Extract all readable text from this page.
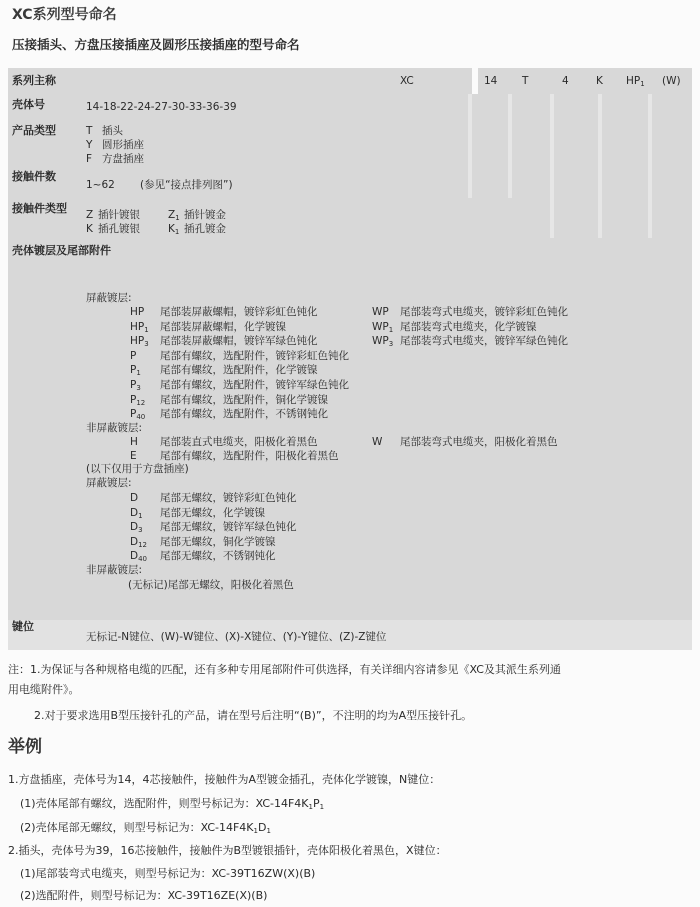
XC系列型号命名
压接插头、方盘压接插座及圆形压接插座的型号命名
系列主称	XC	14 T	4	K $HP_1$ (W)
壳体号	14-18-22-24-27-30-33-36-39
产品类型	T 插头
Y 圆形插座
F 方盘插座
接触件数
1~62 (参见“接点排列图”)
接触件类型 Z 插针镀银	$Z_1$ 插针镀金
K 插孔镀银	$K_1$ 插孔镀金
壳体镀层及尾部附件
屏蔽镀层:
HP 尾部装屏蔽螺帽，镀锌彩虹色钝化	WP 尾部装弯式电缆夹，镀锌彩虹色钝化
$HP_1$ 尾部装屏蔽螺帽，化学镀镍	$WP_1$ 尾部装弯式电缆夹，化学镀镍
$HP_3$ 尾部装屏蔽螺帽，镀锌军绿色钝化	$WP_3$ 尾部装弯式电缆夹，镀锌军绿色钝化
P 尾部有螺纹，选配附件，镀锌彩虹色钝化
$P_1$ 尾部有螺纹，选配附件，化学镀镍
$P_3$ 尾部有螺纹，选配附件，镀锌军绿色钝化
$P_{12}$ 尾部有螺纹，选配附件，铜化学镀镍
$P_{40}$ 尾部有螺纹，选配附件，不锈钢钝化
非屏蔽镀层:
H 尾部装直式电缆夹，阳极化着黑色	W 尾部装弯式电缆夹，阳极化着黑色
E 尾部有螺纹，选配附件，阳极化着黑色
(以下仅用于方盘插座)
屏蔽镀层:
D 尾部无螺纹，镀锌彩虹色钝化
$D_1$ 尾部无螺纹，化学镀镍
$D_3$ 尾部无螺纹，镀锌军绿色钝化
$D_{12}$ 尾部无螺纹，铜化学镀镍
$D_{40}$ 尾部无螺纹，不锈钢钝化
非屏蔽镀层:
(无标记)尾部无螺纹，阳极化着黑色
键位
无标记-N键位、(W)-W键位、(X)-X键位、(Y)-Y键位、(Z)-Z键位
注：1.为保证与各种规格电缆的匹配，还有多种专用尾部附件可供选择，有关详细内容请参见《XC及其派生系列通
用电缆附件》。
2.对于要求选用B型压接针孔的产品，请在型号后注明“(B)”，不注明的均为A型压接针孔。
举例
1.方盘插座，壳体号为14，4芯接触件，接触件为A型镀金插孔，壳体化学镀镍，N键位：
(1)壳体尾部有螺纹，选配附件，则型号标记为：$XC-14F4K_1P_1$
(2)壳体尾部无螺纹，则型号标记为：$XC-14F4K_1D_1$
2.插头，壳体号为39，16芯接触件，接触件为B型镀银插针，壳体阳极化着黑色，X键位：
(1)尾部装弯式电缆夹，则型号标记为：XC-39T16ZW(X)(B)
(2)选配附件，则型号标记为：XC-39T16ZE(X)(B)
